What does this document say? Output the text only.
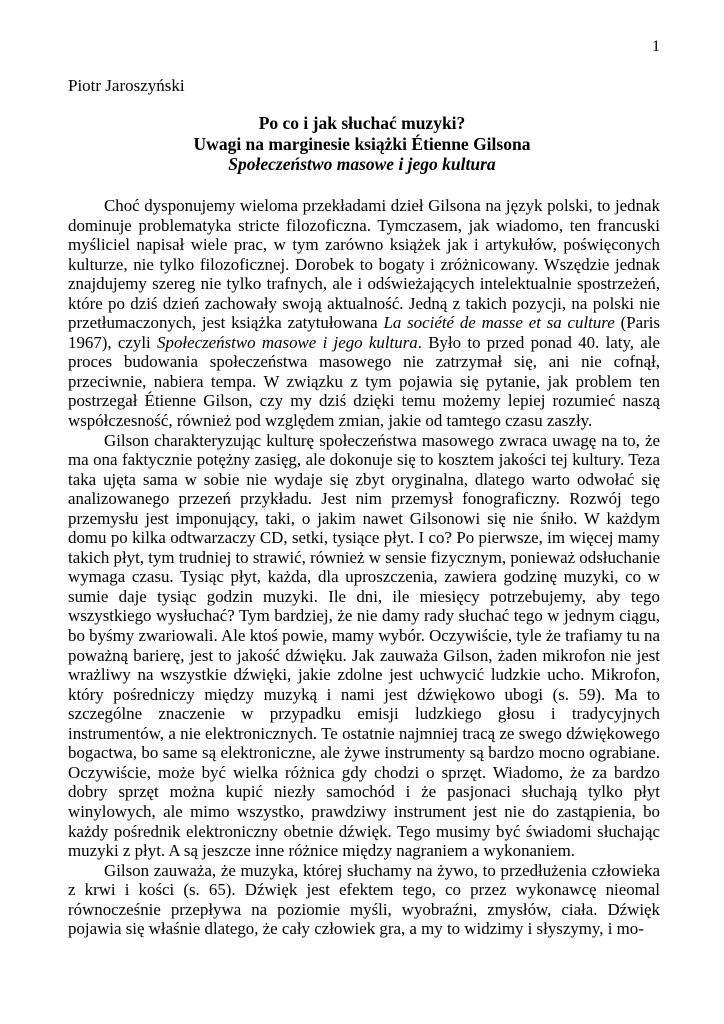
1
Piotr Jaroszyński

Po co i jak słuchać muzyki?

Uwagi na marginesie książki Étienne Gilsona

Społeczeństwo masowe i jego kultura

Choć dysponujemy wieloma przekładami dzieł Gilsona na język polski, to jednak dominuje problematyka stricte filozoficzna. Tymczasem, jak wiadomo, ten francuski myśliciel napisał wiele prac, w tym zarówno książek jak i artykułów, poświęconych kulturze, nie tylko filozoficznej. Dorobek to bogaty i zróżnicowany. Wszędzie jednak znajdujemy szereg nie tylko trafnych, ale i odświeżających intelektualnie spostrzeżeń, które po dziś dzień zachowały swoją aktualność. Jedną z takich pozycji, na polski nie przetłumaczonych, jest książka zatytułowana La société de masse et sa culture (Paris 1967), czyli Społeczeństwo masowe i jego kultura. Było to przed ponad 40. laty, ale proces budowania społeczeństwa masowego nie zatrzymał się, ani nie cofnął, przeciwnie, nabiera tempa. W związku z tym pojawia się pytanie, jak problem ten postrzegał Étienne Gilson, czy my dziś dzięki temu możemy lepiej rozumieć naszą współczesność, również pod względem zmian, jakie od tamtego czasu zaszły.

Gilson charakteryzując kulturę społeczeństwa masowego zwraca uwagę na to, że ma ona faktycznie potężny zasięg, ale dokonuje się to kosztem jakości tej kultury. Teza taka ujęta sama w sobie nie wydaje się zbyt oryginalna, dlatego warto odwołać się analizowanego przezeń przykładu. Jest nim przemysł fonograficzny. Rozwój tego przemysłu jest imponujący, taki, o jakim nawet Gilsonowi się nie śniło. W każdym domu po kilka odtwarzaczy CD, setki, tysiące płyt. I co? Po pierwsze, im więcej mamy takich płyt, tym trudniej to strawić, również w sensie fizycznym, ponieważ odsłuchanie wymaga czasu. Tysiąc płyt, każda, dla uproszczenia, zawiera godzinę muzyki, co w sumie daje tysiąc godzin muzyki. Ile dni, ile miesięcy potrzebujemy, aby tego wszystkiego wysłuchać? Tym bardziej, że nie damy rady słuchać tego w jednym ciągu, bo byśmy zwariowali. Ale ktoś powie, mamy wybór. Oczywiście, tyle że trafiamy tu na poważną barierę, jest to jakość dźwięku. Jak zauważa Gilson, żaden mikrofon nie jest wrażliwy na wszystkie dźwięki, jakie zdolne jest uchwycić ludzkie ucho. Mikrofon, który pośredniczy między muzyką i nami jest dźwiękowo ubogi (s. 59). Ma to szczególne znaczenie w przypadku emisji ludzkiego głosu i tradycyjnych instrumentów, a nie elektronicznych. Te ostatnie najmniej tracą ze swego dźwiękowego bogactwa, bo same są elektroniczne, ale żywe instrumenty są bardzo mocno ograbiane. Oczywiście, może być wielka różnica gdy chodzi o sprzęt. Wiadomo, że za bardzo dobry sprzęt można kupić niezły samochód i że pasjonaci słuchają tylko płyt winylowych, ale mimo wszystko, prawdziwy instrument jest nie do zastąpienia, bo każdy pośrednik elektroniczny obetnie dźwięk. Tego musimy być świadomi słuchając muzyki z płyt. A są jeszcze inne różnice między nagraniem a wykonaniem.

Gilson zauważa, że muzyka, której słuchamy na żywo, to przedłużenia człowieka z krwi i kości (s. 65). Dźwięk jest efektem tego, co przez wykonawcę nieomal równocześnie przepływa na poziomie myśli, wyobraźni, zmysłów, ciała. Dźwięk pojawia się właśnie dlatego, że cały człowiek gra, a my to widzimy i słyszymy, i mo-
